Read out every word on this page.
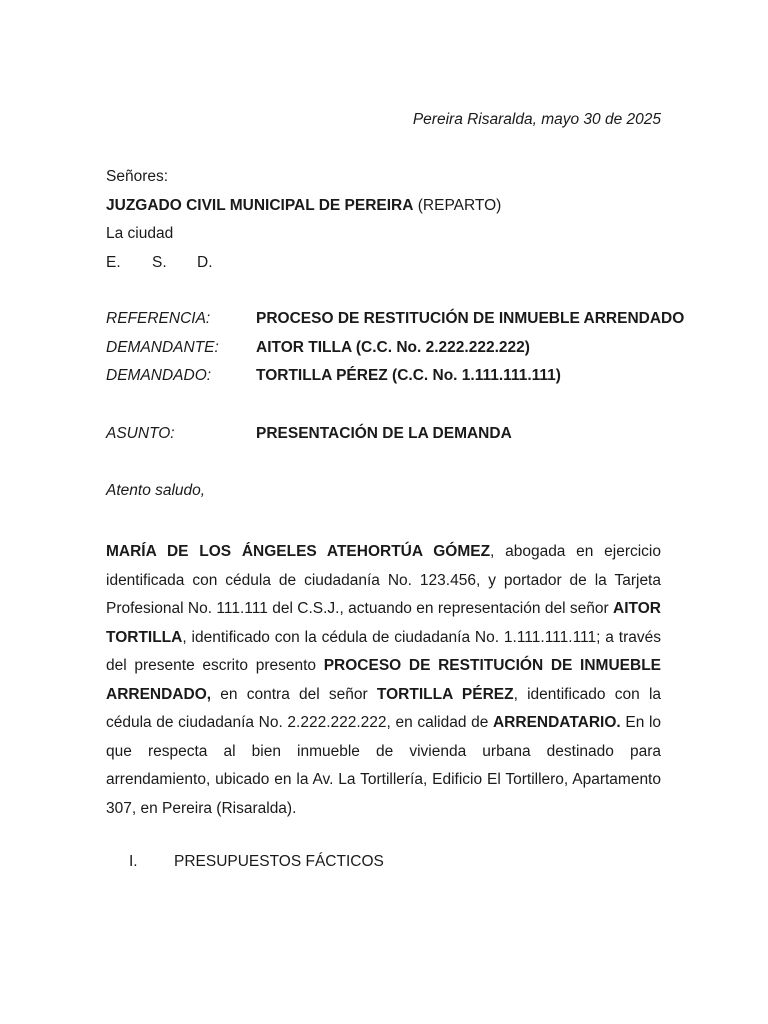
Pereira Risaralda, mayo 30 de 2025
Señores:
JUZGADO CIVIL MUNICIPAL DE PEREIRA (REPARTO)
La ciudad
E. S. D.
REFERENCIA:	PROCESO DE RESTITUCIÓN DE INMUEBLE ARRENDADO
DEMANDANTE: AITOR TILLA (C.C. No. 2.222.222.222)
DEMANDADO:	TORTILLA PÉREZ (C.C. No. 1.111.111.111)
ASUNTO:	PRESENTACIÓN DE LA DEMANDA
Atento saludo,
MARÍA DE LOS ÁNGELES ATEHORTÚA GÓMEZ, abogada en ejercicio identificada con cédula de ciudadanía No. 123.456, y portador de la Tarjeta Profesional No. 111.111 del C.S.J., actuando en representación del señor AITOR TORTILLA, identificado con la cédula de ciudadanía No. 1.111.111.111; a través del presente escrito presento PROCESO DE RESTITUCIÓN DE INMUEBLE ARRENDADO, en contra del señor TORTILLA PÉREZ, identificado con la cédula de ciudadanía No. 2.222.222.222, en calidad de ARRENDATARIO. En lo que respecta al bien inmueble de vivienda urbana destinado para arrendamiento, ubicado en la Av. La Tortillería, Edificio El Tortillero, Apartamento 307, en Pereira (Risaralda).
I. PRESUPUESTOS FÁCTICOS
